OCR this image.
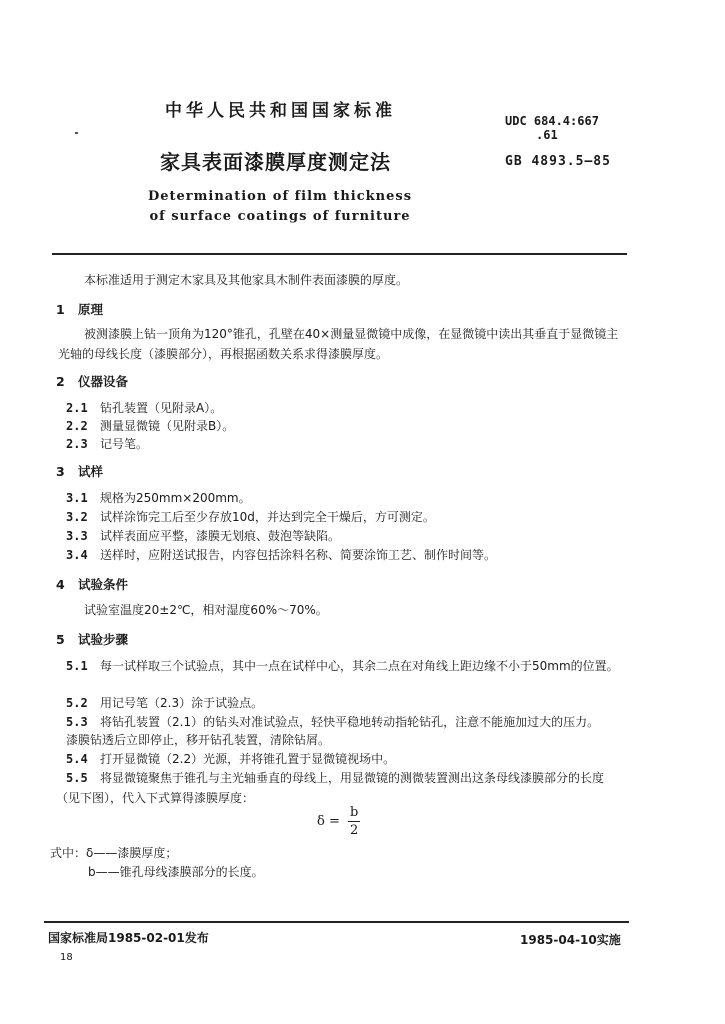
中华人民共和国国家标准	UDC 684.4:667
.61
家具表面漆膜厚度测定法	GB 4893.5—85
Determination of film thickness of surface coatings of furniture
本标准适用于测定木家具及其他家具木制件表面漆膜的厚度。
1 原理
被测漆膜上钻一顶角为120°锥孔，孔壁在40×测量显微镜中成像，在显微镜中读出其垂直于显微镜主光轴的母线长度（漆膜部分），再根据函数关系求得漆膜厚度。
2 仪器设备
2.1 钻孔装置（见附录A）。
2.2 测量显微镜（见附录B）。
2.3 记号笔。
3 试样
3.1 规格为250mm×200mm。
3.2 试样涂饰完工后至少存放10d，并达到完全干燥后，方可测定。
3.3 试样表面应平整，漆膜无划痕、鼓泡等缺陷。
3.4 送样时，应附送试报告，内容包括涂料名称、简要涂饰工艺、制作时间等。
4 试验条件
试验室温度20±2℃，相对湿度60%～70%。
5 试验步骤
5.1 每一试样取三个试验点，其中一点在试样中心，其余二点在对角线上距边缘不小于50mm的位置。
5.2 用记号笔（2.3）涂于试验点。
5.3 将钻孔装置（2.1）的钻头对准试验点，轻快平稳地转动指轮钻孔，注意不能施加过大的压力。
漆膜钻透后立即停止，移开钻孔装置，清除钻屑。
5.4 打开显微镜（2.2）光源，并将锥孔置于显微镜视场中。
5.5 将显微镜聚焦于锥孔与主光轴垂直的母线上，用显微镜的测微装置测出这条母线漆膜部分的长度（见下图），代入下式算得漆膜厚度：
$\delta = \frac{b}{2}$
式中：δ——漆膜厚度；
b——锥孔母线漆膜部分的长度。
国家标准局1985-02-01发布	1985-04-10实施
18
